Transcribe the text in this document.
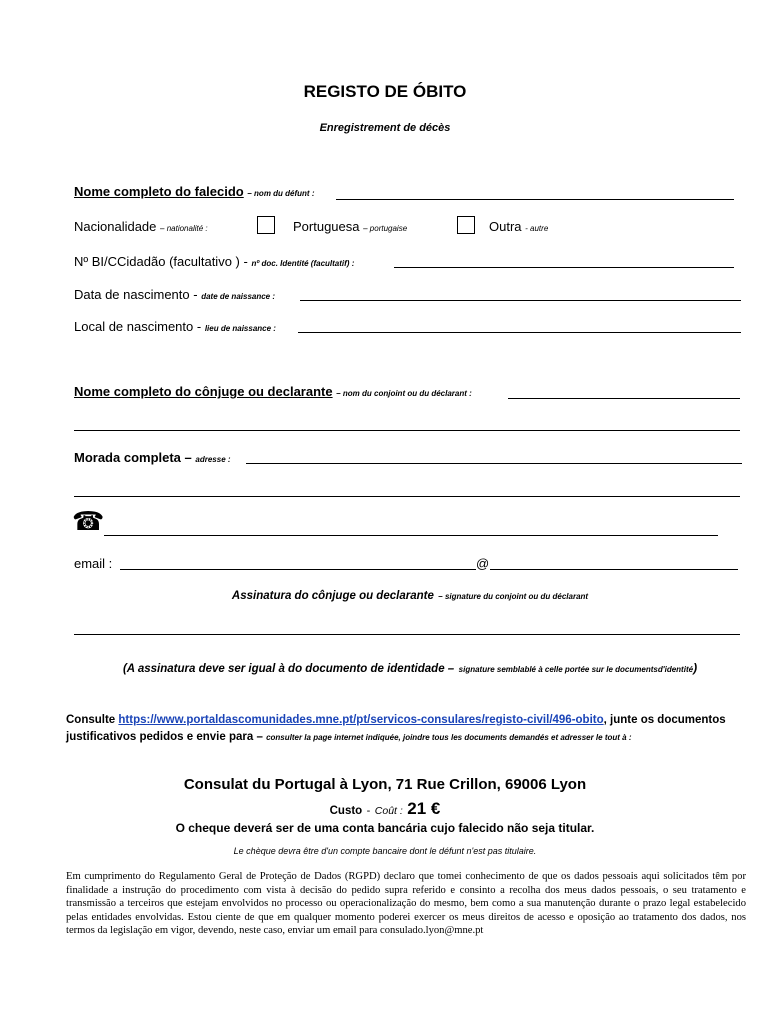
REGISTO DE ÓBITO
Enregistrement de décès
Nome completo do falecido – nom du défunt :
Nacionalidade – nationalité :	Portuguesa – portugaise	Outra - autre
Nº BI/CCidadão (facultativo ) - nº doc. Identité (facultatif) :
Data de nascimento - date de naissance :
Local de nascimento - lieu de naissance :
Nome completo do cônjuge ou declarante – nom du conjoint ou du déclarant :
Morada completa – adresse :
☎
email :	@
Assinatura do cônjuge ou declarante – signature du conjoint ou du déclarant
(A assinatura deve ser igual à do documento de identidade – signature semblablé à celle portée sur le documentsd'identité)
Consulte https://www.portaldascomunidades.mne.pt/pt/servicos-consulares/registo-civil/496-obito, junte os documentos justificativos pedidos e envie para – consulter la page internet indiquée, joindre tous les documents demandés et adresser le tout à :
Consulat du Portugal à Lyon, 71 Rue Crillon, 69006 Lyon
Custo - Coût : 21 €
O cheque deverá ser de uma conta bancária cujo falecido não seja titular.
Le chèque devra être d'un compte bancaire dont le défunt n'est pas titulaire.
Em cumprimento do Regulamento Geral de Proteção de Dados (RGPD) declaro que tomei conhecimento de que os dados pessoais aqui solicitados têm por finalidade a instrução do procedimento com vista à decisão do pedido supra referido e consinto a recolha dos meus dados pessoais, o seu tratamento e transmissão a terceiros que estejam envolvidos no processo ou operacionalização do mesmo, bem como a sua manutenção durante o prazo legal estabelecido pelas entidades envolvidas. Estou ciente de que em qualquer momento poderei exercer os meus direitos de acesso e oposição ao tratamento dos dados, nos termos da legislação em vigor, devendo, neste caso, enviar um email para consulado.lyon@mne.pt
